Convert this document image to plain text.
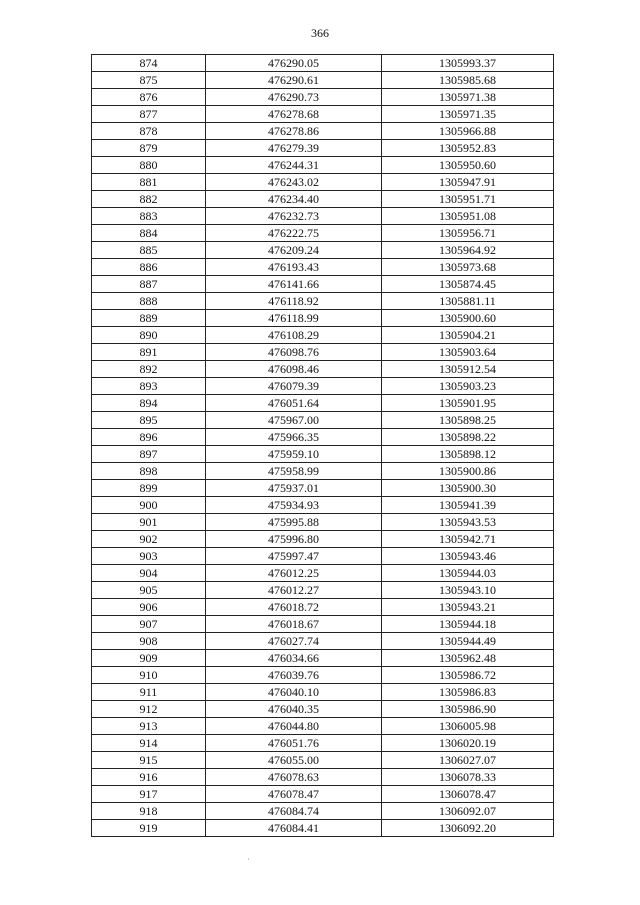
366
874	476290.05	1305993.37
875	476290.61	1305985.68
876	476290.73	1305971.38
877	476278.68	1305971.35
878	476278.86	1305966.88
879	476279.39	1305952.83
880	476244.31	1305950.60
881	476243.02	1305947.91
882	476234.40	1305951.71
883	476232.73	1305951.08
884	476222.75	1305956.71
885	476209.24	1305964.92
886	476193.43	1305973.68
887	476141.66	1305874.45
888	476118.92	1305881.11
889	476118.99	1305900.60
890	476108.29	1305904.21
891	476098.76	1305903.64
892	476098.46	1305912.54
893	476079.39	1305903.23
894	476051.64	1305901.95
895	475967.00	1305898.25
896	475966.35	1305898.22
897	475959.10	1305898.12
898	475958.99	1305900.86
899	475937.01	1305900.30
900	475934.93	1305941.39
901	475995.88	1305943.53
902	475996.80	1305942.71
903	475997.47	1305943.46
904	476012.25	1305944.03
905	476012.27	1305943.10
906	476018.72	1305943.21
907	476018.67	1305944.18
908	476027.74	1305944.49
909	476034.66	1305962.48
910	476039.76	1305986.72
911	476040.10	1305986.83
912	476040.35	1305986.90
913	476044.80	1306005.98
914	476051.76	1306020.19
915	476055.00	1306027.07
916	476078.63	1306078.33
917	476078.47	1306078.47
918	476084.74	1306092.07
919	476084.41	1306092.20
·
